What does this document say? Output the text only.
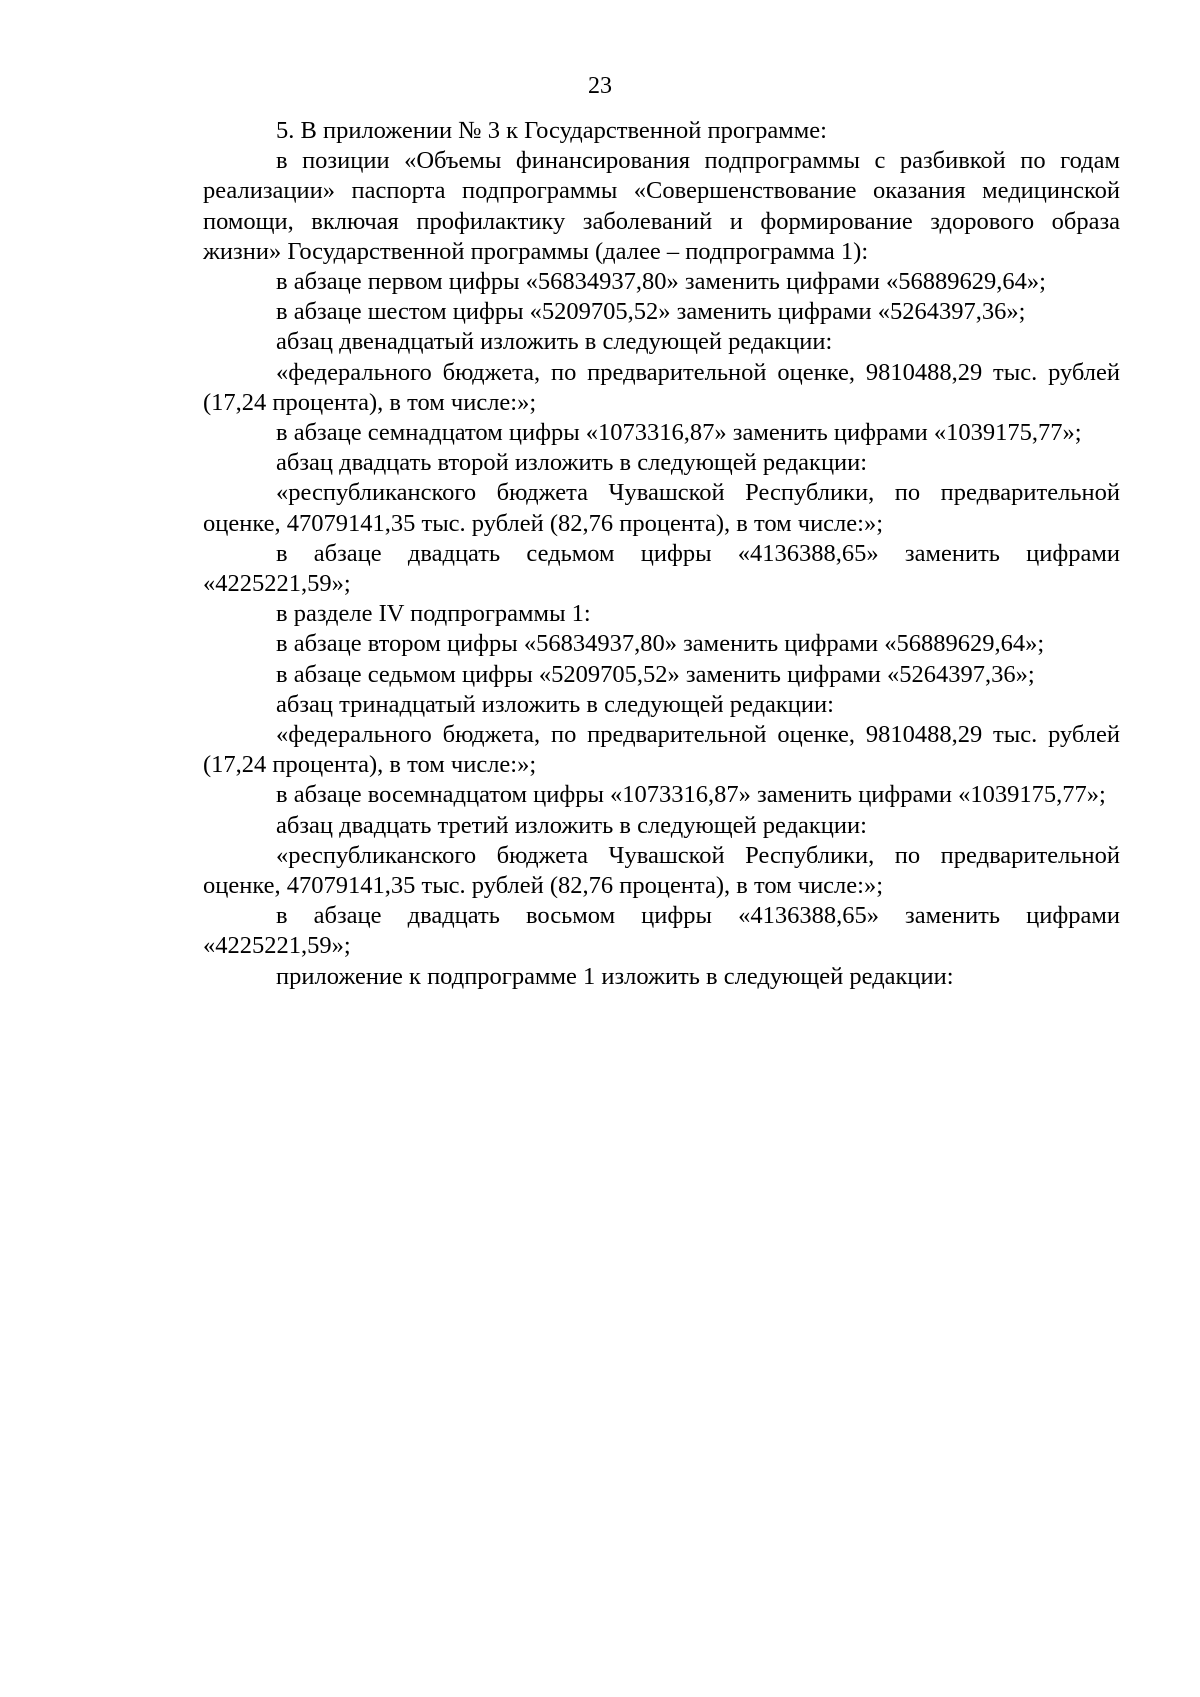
23

5. В приложении № 3 к Государственной программе:

в позиции «Объемы финансирования подпрограммы с разбивкой по годам реализации» паспорта подпрограммы «Совершенствование оказания медицинской помощи, включая профилактику заболеваний и формирование здорового образа жизни» Государственной программы (далее – подпрограмма 1):

в абзаце первом цифры «56834937,80» заменить цифрами «56889629,64»;

в абзаце шестом цифры «5209705,52» заменить цифрами «5264397,36»;

абзац двенадцатый изложить в следующей редакции:

«федерального бюджета, по предварительной оценке, 9810488,29 тыс. рублей (17,24 процента), в том числе:»;

в абзаце семнадцатом цифры «1073316,87» заменить цифрами «1039175,77»;

абзац двадцать второй изложить в следующей редакции:

«республиканского бюджета Чувашской Республики, по предварительной оценке, 47079141,35 тыс. рублей (82,76 процента), в том числе:»;

в абзаце двадцать седьмом цифры «4136388,65» заменить цифрами «4225221,59»;

в разделе IV подпрограммы 1:

в абзаце втором цифры «56834937,80» заменить цифрами «56889629,64»;

в абзаце седьмом цифры «5209705,52» заменить цифрами «5264397,36»;

абзац тринадцатый изложить в следующей редакции:

«федерального бюджета, по предварительной оценке, 9810488,29 тыс. рублей (17,24 процента), в том числе:»;

в абзаце восемнадцатом цифры «1073316,87» заменить цифрами «1039175,77»;

абзац двадцать третий изложить в следующей редакции:

«республиканского бюджета Чувашской Республики, по предварительной оценке, 47079141,35 тыс. рублей (82,76 процента), в том числе:»;

в абзаце двадцать восьмом цифры «4136388,65» заменить цифрами «4225221,59»;

приложение к подпрограмме 1 изложить в следующей редакции:
